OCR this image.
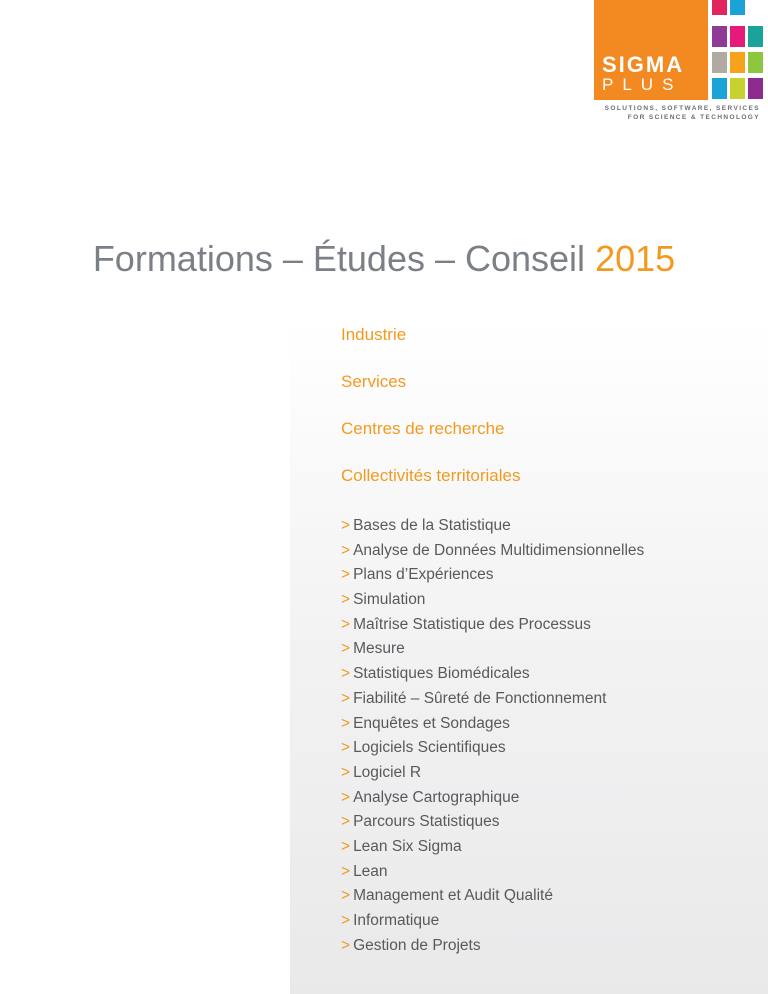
SIGMA
PLUS
SOLUTIONS, SOFTWARE, SERVICES
FOR SCIENCE & TECHNOLOGY
Formations – Études – Conseil 2015
Industrie
Services
Centres de recherche
Collectivités territoriales
> Bases de la Statistique
> Analyse de Données Multidimensionnelles
> Plans d’Expériences
> Simulation
> Maîtrise Statistique des Processus
> Mesure
> Statistiques Biomédicales
> Fiabilité – Sûreté de Fonctionnement
> Enquêtes et Sondages
> Logiciels Scientifiques
> Logiciel R
> Analyse Cartographique
> Parcours Statistiques
> Lean Six Sigma
> Lean
> Management et Audit Qualité
> Informatique
> Gestion de Projets
